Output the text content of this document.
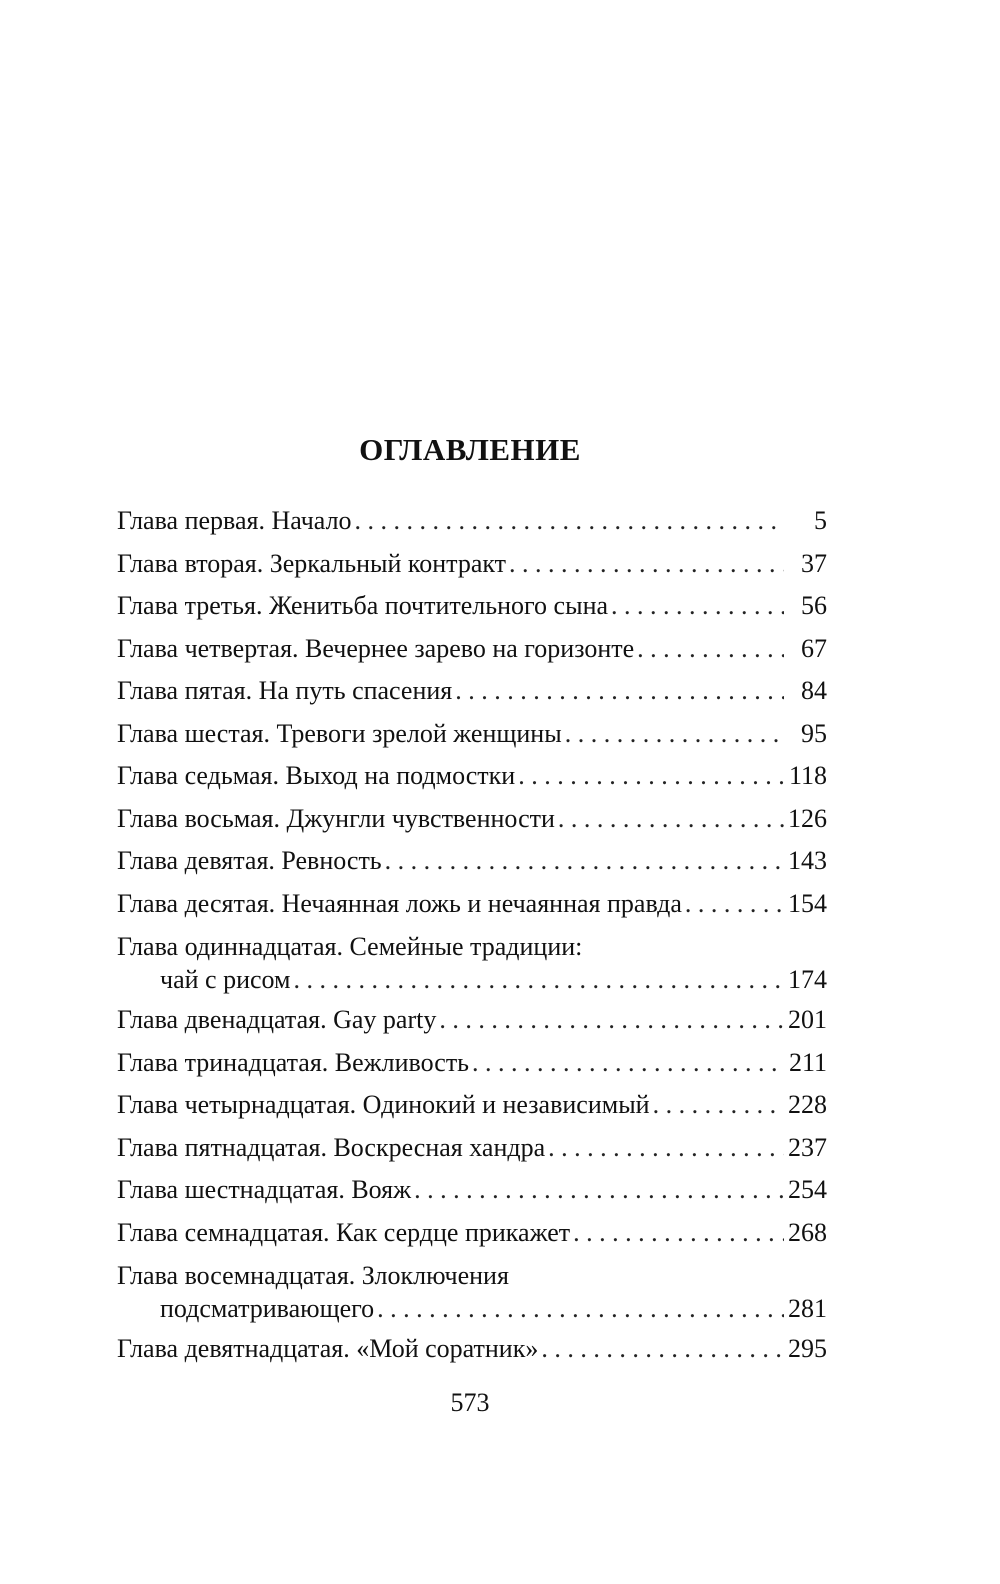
ОГЛАВЛЕНИЕ
Глава первая. Начало . . .	5
Глава вторая. Зеркальный контракт . . .	37
Глава третья. Женитьба почтительного сына . . .	56
Глава четвертая. Вечернее зарево на горизонте . . .	67
Глава пятая. На путь спасения . . .	84
Глава шестая. Тревоги зрелой женщины . . .	95
Глава седьмая. Выход на подмостки . . .	118
Глава восьмая. Джунгли чувственности . . .	126
Глава девятая. Ревность . . .	143
Глава десятая. Нечаянная ложь и нечаянная правда . . .	154
Глава одиннадцатая. Семейные традиции:
чай с рисом . . .	174
Глава двенадцатая. Gay party . . .	201
Глава тринадцатая. Вежливость . . .	211
Глава четырнадцатая. Одинокий и независимый . . .	228
Глава пятнадцатая. Воскресная хандра . . .	237
Глава шестнадцатая. Вояж . . .	254
Глава семнадцатая. Как сердце прикажет . . .	268
Глава восемнадцатая. Злоключения
подсматривающего . . .	281
Глава девятнадцатая. «Мой соратник» . . .	295
573
